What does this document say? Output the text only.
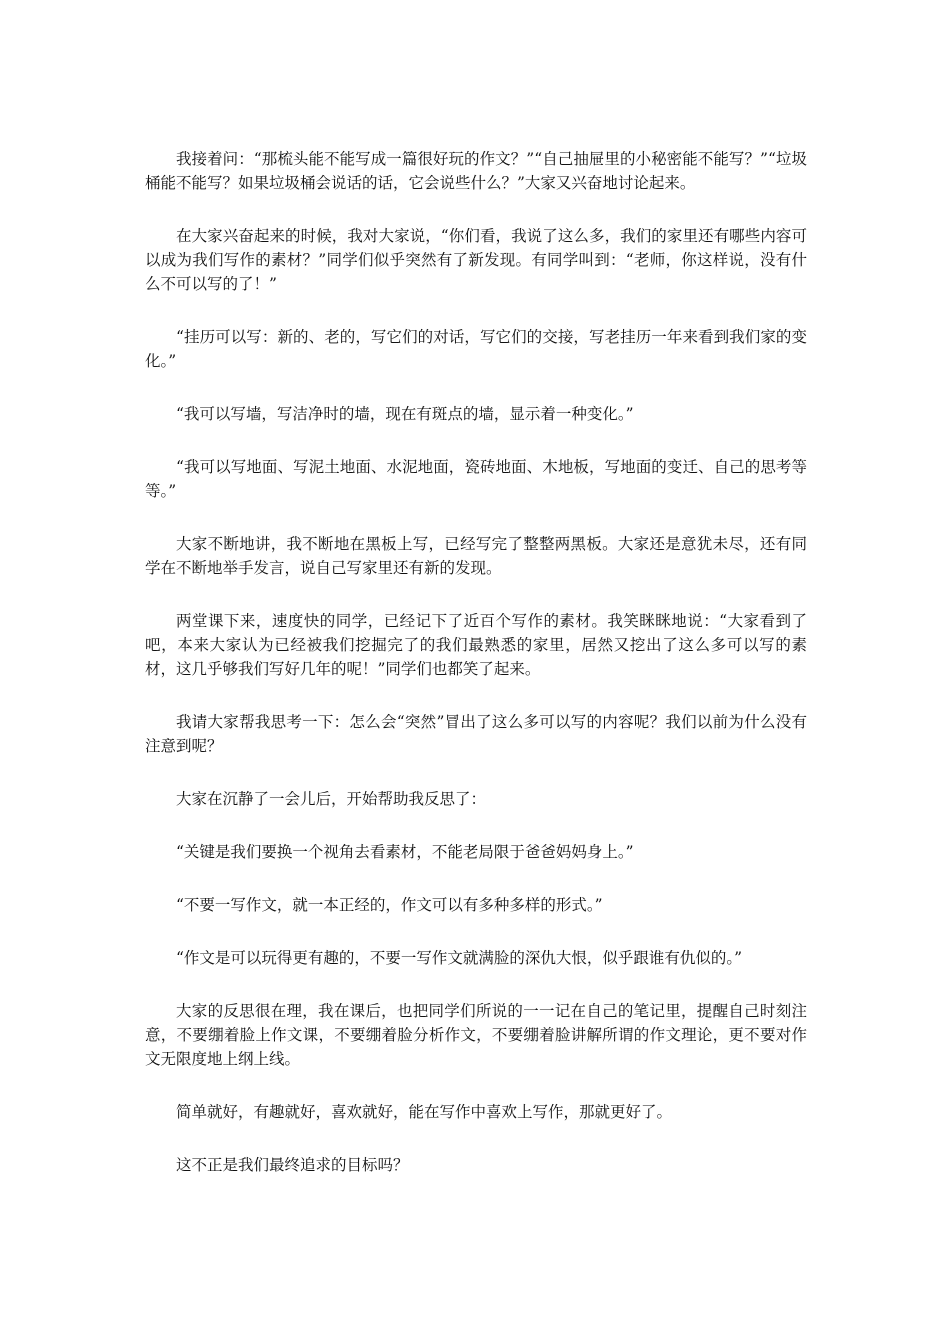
我接着问：“那梳头能不能写成一篇很好玩的作文？”“自己抽屉里的小秘密能不能写？”“垃圾桶能不能写？如果垃圾桶会说话的话，它会说些什么？”大家又兴奋地讨论起来。

在大家兴奋起来的时候，我对大家说，“你们看，我说了这么多，我们的家里还有哪些内容可以成为我们写作的素材？”同学们似乎突然有了新发现。有同学叫到：“老师，你这样说，没有什么不可以写的了！”

“挂历可以写：新的、老的，写它们的对话，写它们的交接，写老挂历一年来看到我们家的变化。”

“我可以写墙，写洁净时的墙，现在有斑点的墙，显示着一种变化。”

“我可以写地面、写泥土地面、水泥地面，瓷砖地面、木地板，写地面的变迁、自己的思考等等。”

大家不断地讲，我不断地在黑板上写，已经写完了整整两黑板。大家还是意犹未尽，还有同学在不断地举手发言，说自己写家里还有新的发现。

两堂课下来，速度快的同学，已经记下了近百个写作的素材。我笑眯眯地说：“大家看到了吧，本来大家认为已经被我们挖掘完了的我们最熟悉的家里，居然又挖出了这么多可以写的素材，这几乎够我们写好几年的呢！”同学们也都笑了起来。

我请大家帮我思考一下：怎么会“突然”冒出了这么多可以写的内容呢？我们以前为什么没有注意到呢？

大家在沉静了一会儿后，开始帮助我反思了：

“关键是我们要换一个视角去看素材，不能老局限于爸爸妈妈身上。”

“不要一写作文，就一本正经的，作文可以有多种多样的形式。”

“作文是可以玩得更有趣的，不要一写作文就满脸的深仇大恨，似乎跟谁有仇似的。”

大家的反思很在理，我在课后，也把同学们所说的一一记在自己的笔记里，提醒自己时刻注意，不要绷着脸上作文课，不要绷着脸分析作文，不要绷着脸讲解所谓的作文理论，更不要对作文无限度地上纲上线。

简单就好，有趣就好，喜欢就好，能在写作中喜欢上写作，那就更好了。

这不正是我们最终追求的目标吗？
